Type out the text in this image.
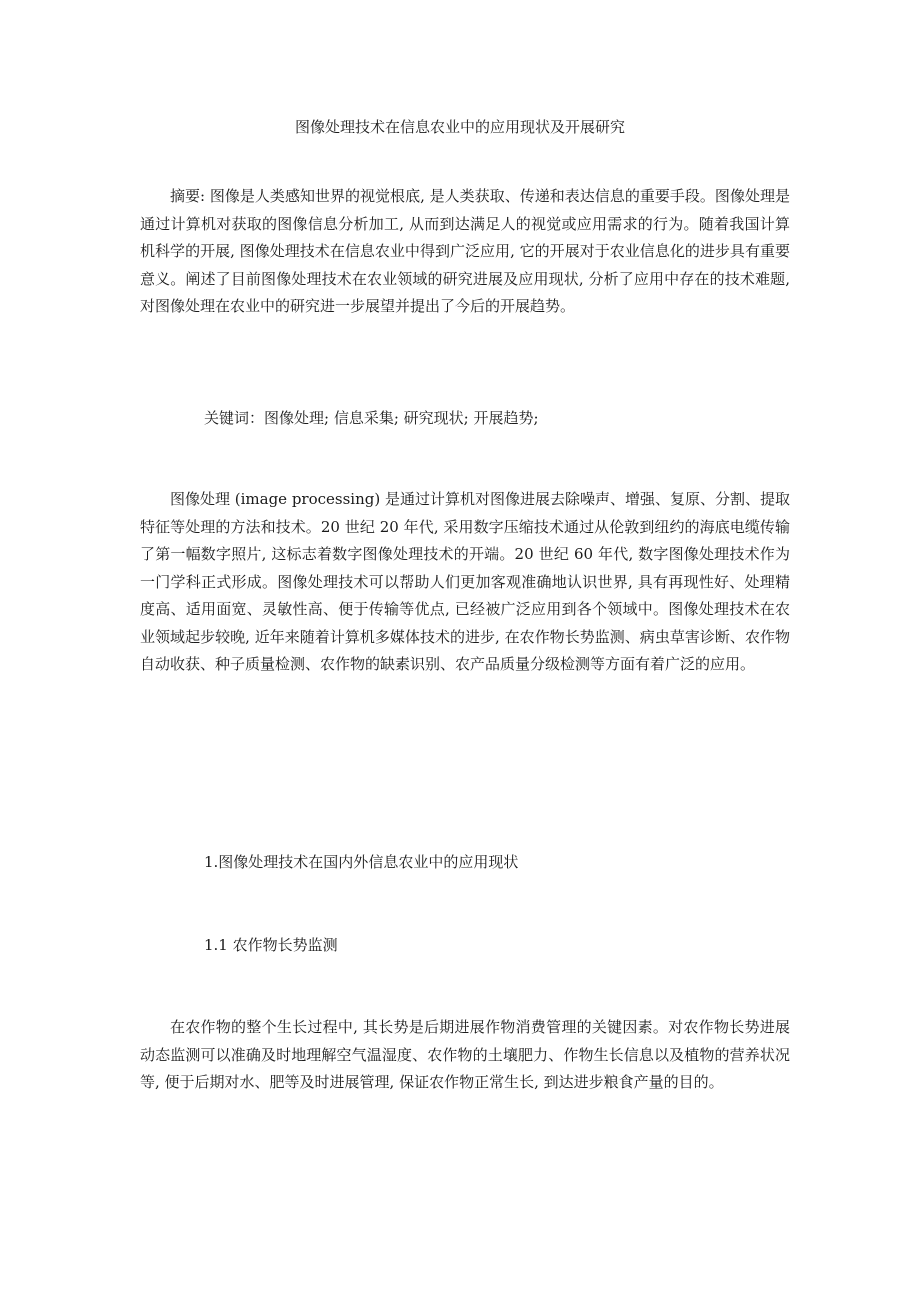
图像处理技术在信息农业中的应用现状及开展研究

摘要: 图像是人类感知世界的视觉根底, 是人类获取、传递和表达信息的重要手段。图像处理是通过计算机对获取的图像信息分析加工, 从而到达满足人的视觉或应用需求的行为。随着我国计算机科学的开展, 图像处理技术在信息农业中得到广泛应用, 它的开展对于农业信息化的进步具有重要意义。阐述了目前图像处理技术在农业领域的研究进展及应用现状, 分析了应用中存在的技术难题, 对图像处理在农业中的研究进一步展望并提出了今后的开展趋势。

关键词：图像处理; 信息采集; 研究现状; 开展趋势;

图像处理 (image processing) 是通过计算机对图像进展去除噪声、增强、复原、分割、提取特征等处理的方法和技术。20 世纪 20 年代, 采用数字压缩技术通过从伦敦到纽约的海底电缆传输了第一幅数字照片, 这标志着数字图像处理技术的开端。20 世纪 60 年代, 数字图像处理技术作为一门学科正式形成。图像处理技术可以帮助人们更加客观准确地认识世界, 具有再现性好、处理精度高、适用面宽、灵敏性高、便于传输等优点, 已经被广泛应用到各个领域中。图像处理技术在农业领域起步较晚, 近年来随着计算机多媒体技术的进步, 在农作物长势监测、病虫草害诊断、农作物自动收获、种子质量检测、农作物的缺素识别、农产品质量分级检测等方面有着广泛的应用。

1.图像处理技术在国内外信息农业中的应用现状
1.1 农作物长势监测

在农作物的整个生长过程中, 其长势是后期进展作物消费管理的关键因素。对农作物长势进展动态监测可以准确及时地理解空气温湿度、农作物的土壤肥力、作物生长信息以及植物的营养状况等, 便于后期对水、肥等及时进展管理, 保证农作物正常生长, 到达进步粮食产量的目的。
